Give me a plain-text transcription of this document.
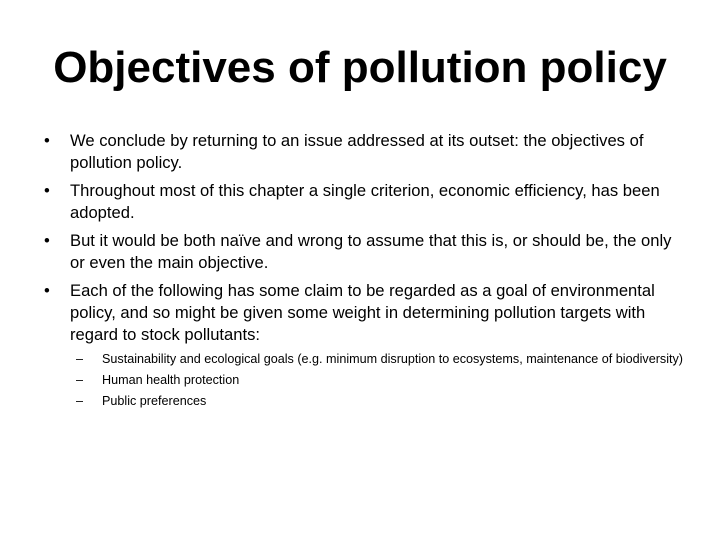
Objectives of pollution policy
• We conclude by returning to an issue addressed at its outset: the objectives of pollution policy.
• Throughout most of this chapter a single criterion, economic efficiency, has been adopted.
• But it would be both naïve and wrong to assume that this is, or should be, the only or even the main objective.
• Each of the following has some claim to be regarded as a goal of environmental policy, and so might be given some weight in determining pollution targets with regard to stock pollutants:
– Sustainability and ecological goals (e.g. minimum disruption to ecosystems, maintenance of biodiversity)
– Human health protection
– Public preferences
